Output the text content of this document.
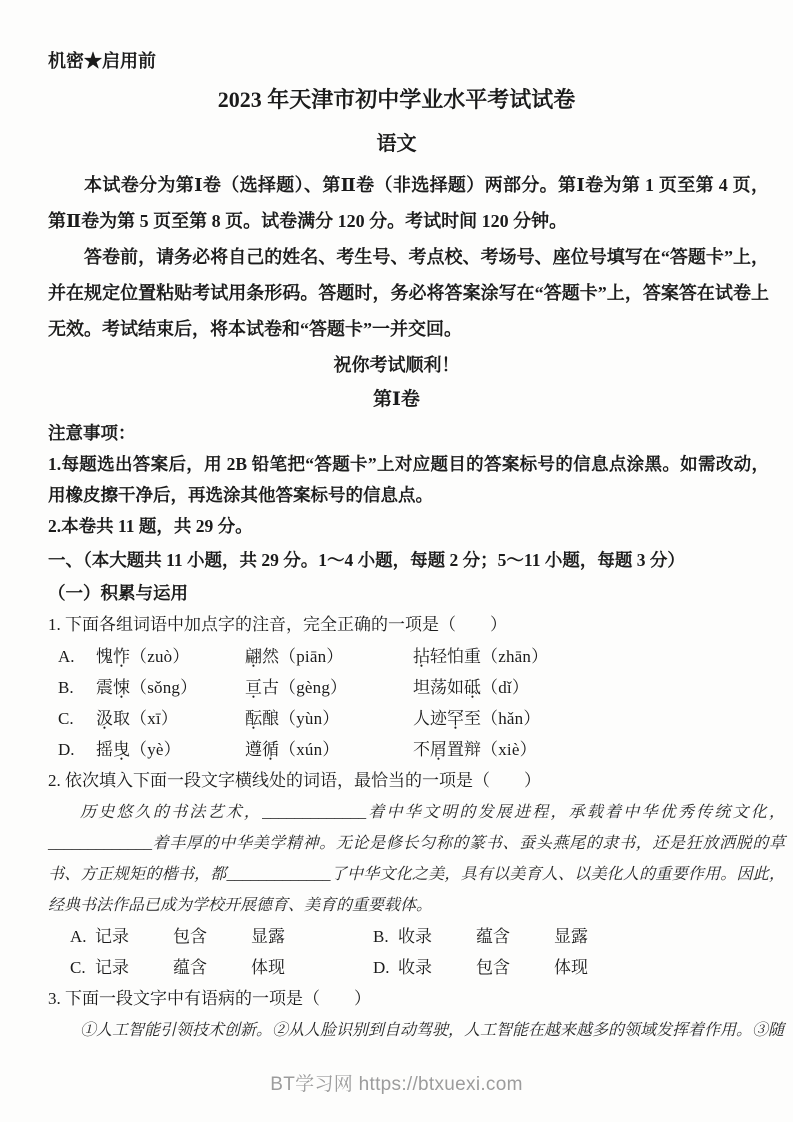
机密★启用前
2023 年天津市初中学业水平考试试卷
语文

本试卷分为第Ⅰ卷（选择题）、第Ⅱ卷（非选择题）两部分。第Ⅰ卷为第 1 页至第 4 页，第Ⅱ卷为第 5 页至第 8 页。试卷满分 120 分。考试时间 120 分钟。

答卷前，请务必将自己的姓名、考生号、考点校、考场号、座位号填写在“答题卡”上，并在规定位置粘贴考试用条形码。答题时，务必将答案涂写在“答题卡”上，答案答在试卷上无效。考试结束后，将本试卷和“答题卡”一并交回。

祝你考试顺利！

第Ⅰ卷

注意事项：

1.每题选出答案后，用 2B 铅笔把“答题卡”上对应题目的答案标号的信息点涂黑。如需改动，用橡皮擦干净后，再选涂其他答案标号的信息点。

2.本卷共 11 题，共 29 分。

一、（本大题共 11 小题，共 29 分。1～4 小题，每题 2 分；5～11 小题，每题 3 分）

（一）积累与运用

1. 下面各组词语中加点字的注音，完全正确的一项是（　　）

A.	愧怍（zuò）	翩然（piān）	拈轻怕重（zhān）
B.	震悚（sǒng）	亘古（gèng）	坦荡如砥（dǐ）
C.	汲取（xī）	酝酿（yùn）	人迹罕至（hǎn）
D.	摇曳（yè）	遵循（xún）	不屑置辩（xiè）

2. 依次填入下面一段文字横线处的词语，最恰当的一项是（　　）

历史悠久的书法艺术，_____________着中华文明的发展进程，承载着中华优秀传统文化，_____________着丰厚的中华美学精神。无论是修长匀称的篆书、蚕头燕尾的隶书，还是狂放洒脱的草书、方正规矩的楷书，都_____________了中华文化之美，具有以美育人、以美化人的重要作用。因此，经典书法作品已成为学校开展德育、美育的重要载体。

A. 记录	包含	显露	B. 收录	蕴含	显露
C. 记录	蕴含	体现	D. 收录	包含	体现

3. 下面一段文字中有语病的一项是（　　）

①人工智能引领技术创新。②从人脸识别到自动驾驶，人工智能在越来越多的领域发挥着作用。③随

BT学习网 https://btxuexi.com
